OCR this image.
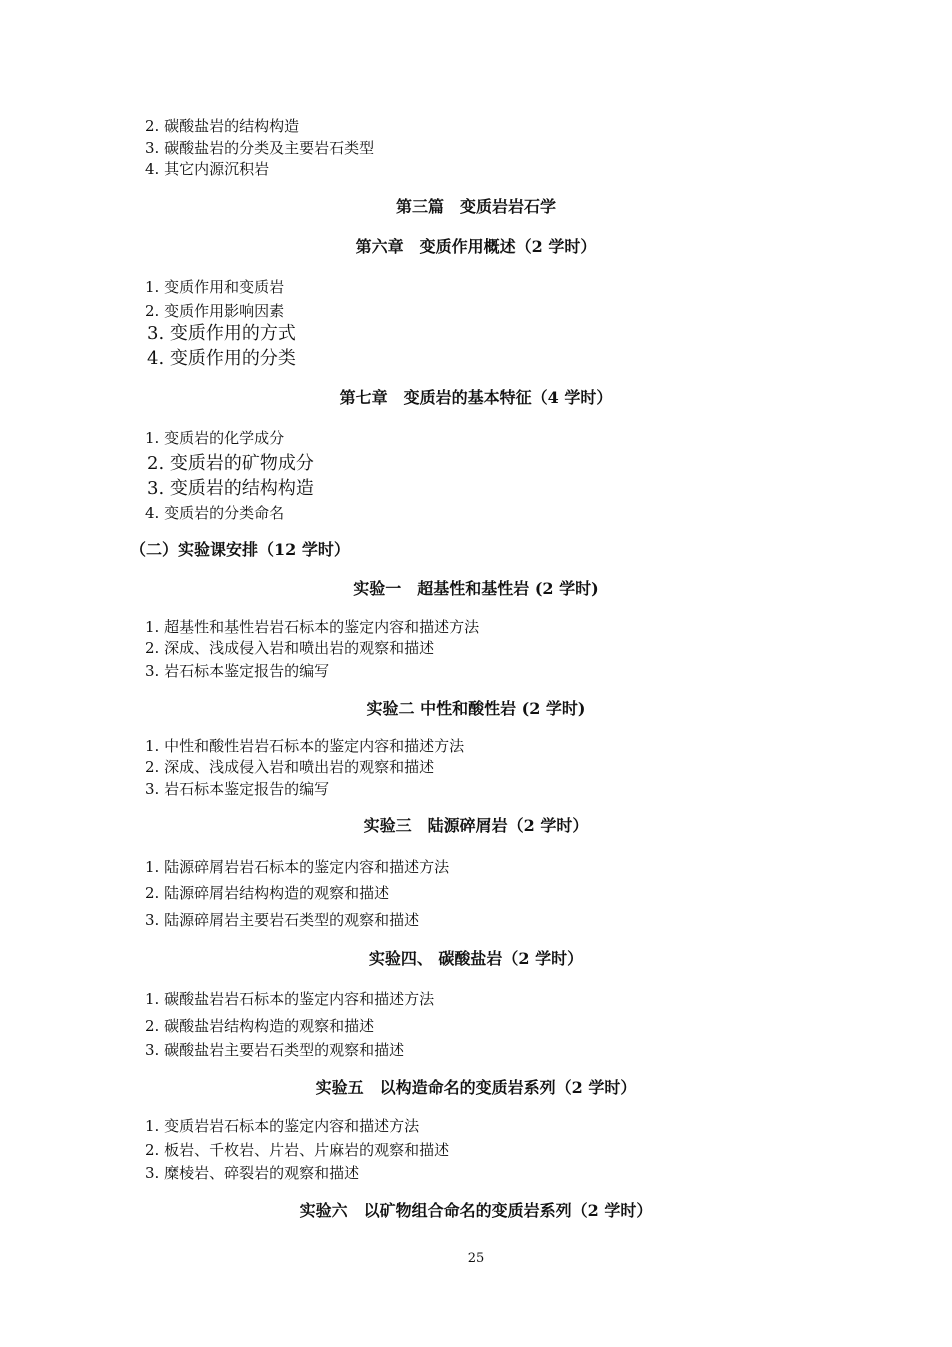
2. 碳酸盐岩的结构构造
3. 碳酸盐岩的分类及主要岩石类型
4. 其它内源沉积岩
第三篇　变质岩岩石学
第六章　变质作用概述（2 学时）
1. 变质作用和变质岩
2. 变质作用影响因素
3. 变质作用的方式
4. 变质作用的分类
第七章　变质岩的基本特征（4 学时）
1. 变质岩的化学成分
2. 变质岩的矿物成分
3. 变质岩的结构构造
4. 变质岩的分类命名
（二）实验课安排（12 学时）
实验一　超基性和基性岩 (2 学时)
1. 超基性和基性岩岩石标本的鉴定内容和描述方法
2. 深成、浅成侵入岩和喷出岩的观察和描述
3. 岩石标本鉴定报告的编写
实验二 中性和酸性岩 (2 学时)
1. 中性和酸性岩岩石标本的鉴定内容和描述方法
2. 深成、浅成侵入岩和喷出岩的观察和描述
3. 岩石标本鉴定报告的编写
实验三　陆源碎屑岩（2 学时）
1. 陆源碎屑岩岩石标本的鉴定内容和描述方法
2. 陆源碎屑岩结构构造的观察和描述
3. 陆源碎屑岩主要岩石类型的观察和描述
实验四、 碳酸盐岩（2 学时）
1. 碳酸盐岩岩石标本的鉴定内容和描述方法
2. 碳酸盐岩结构构造的观察和描述
3. 碳酸盐岩主要岩石类型的观察和描述
实验五　以构造命名的变质岩系列（2 学时）
1. 变质岩岩石标本的鉴定内容和描述方法
2. 板岩、千枚岩、片岩、片麻岩的观察和描述
3. 糜棱岩、碎裂岩的观察和描述
实验六　以矿物组合命名的变质岩系列（2 学时）
25
